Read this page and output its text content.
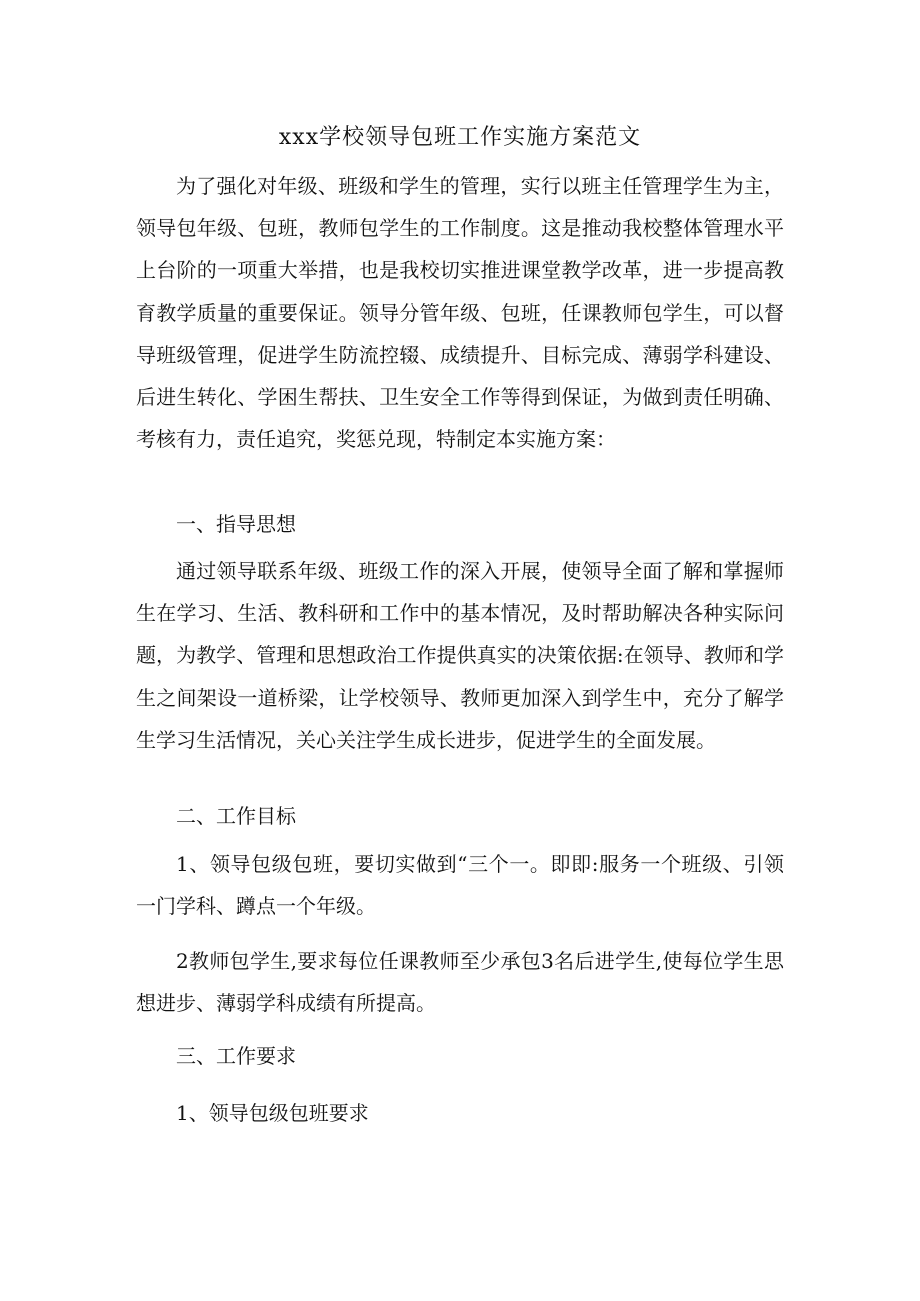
xxx学校领导包班工作实施方案范文

为了强化对年级、班级和学生的管理，实行以班主任管理学生为主，领导包年级、包班，教师包学生的工作制度。这是推动我校整体管理水平上台阶的一项重大举措，也是我校切实推进课堂教学改革，进一步提高教育教学质量的重要保证。领导分管年级、包班，任课教师包学生，可以督导班级管理，促进学生防流控辍、成绩提升、目标完成、薄弱学科建设、后进生转化、学困生帮扶、卫生安全工作等得到保证，为做到责任明确、考核有力，责任追究，奖惩兑现，特制定本实施方案：

一、指导思想

通过领导联系年级、班级工作的深入开展，使领导全面了解和掌握师生在学习、生活、教科研和工作中的基本情况，及时帮助解决各种实际问题，为教学、管理和思想政治工作提供真实的决策依据:在领导、教师和学生之间架设一道桥梁，让学校领导、教师更加深入到学生中，充分了解学生学习生活情况，关心关注学生成长进步，促进学生的全面发展。

二、工作目标

1、领导包级包班，要切实做到“三个一。即即:服务一个班级、引领一门学科、蹲点一个年级。

2教师包学生,要求每位任课教师至少承包3名后进学生,使每位学生思想进步、薄弱学科成绩有所提高。

三、工作要求

1、领导包级包班要求
